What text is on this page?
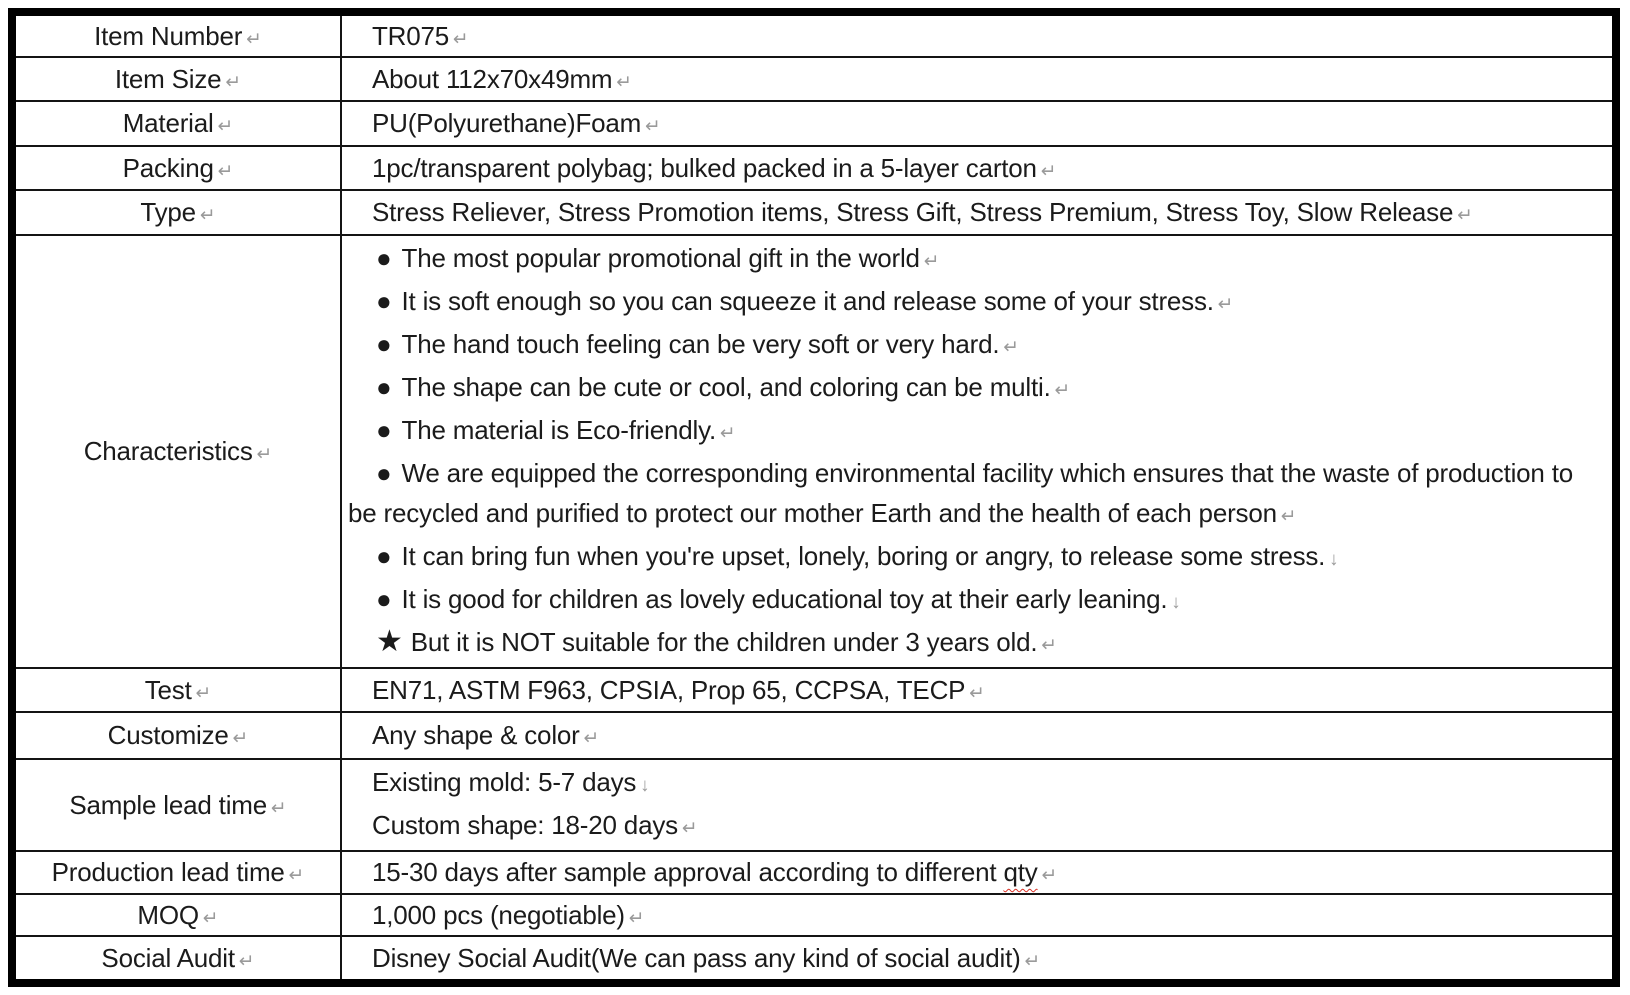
Item Number ↵	TR075 ↵
Item Size ↵	About 112x70x49mm ↵
Material ↵	PU(Polyurethane)Foam ↵
Packing ↵	1pc/transparent polybag; bulked packed in a 5-layer carton ↵
Type ↵	Stress Reliever, Stress Promotion items, Stress Gift, Stress Premium, Stress Toy, Slow Release ↵
Characteristics ↵	

● The most popular promotional gift in the world ↵

● It is soft enough so you can squeeze it and release some of your stress. ↵

● The hand touch feeling can be very soft or very hard. ↵

● The shape can be cute or cool, and coloring can be multi. ↵

● The material is Eco-friendly. ↵

● We are equipped the corresponding environmental facility which ensures that the waste of production to be recycled and purified to protect our mother Earth and the health of each person ↵

● It can bring fun when you're upset, lonely, boring or angry, to release some stress. ↓

● It is good for children as lovely educational toy at their early leaning. ↓

★ But it is NOT suitable for the children under 3 years old. ↵

Test ↵	EN71, ASTM F963, CPSIA, Prop 65, CCPSA, TECP ↵
Customize ↵	Any shape & color ↵
Sample lead time ↵	Existing mold: 5-7 days ↓

Custom shape: 18-20 days ↵

Production lead time ↵	15-30 days after sample approval according to different qty ↵
MOQ ↵	1,000 pcs (negotiable) ↵
Social Audit ↵	Disney Social Audit(We can pass any kind of social audit) ↵
